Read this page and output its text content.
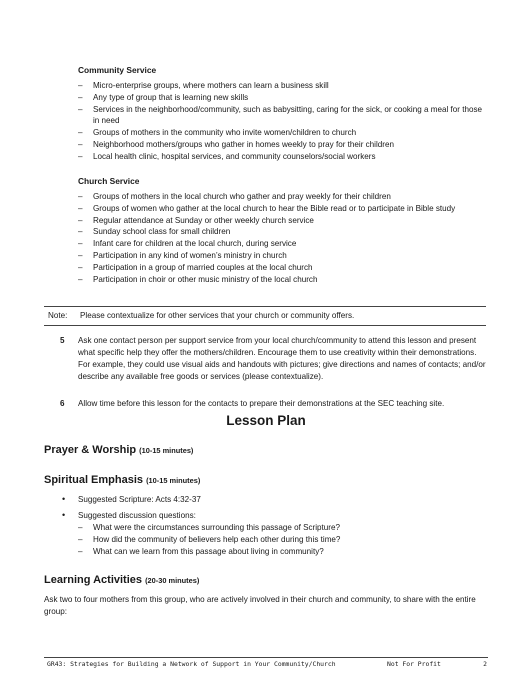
Community Service
– Micro-enterprise groups, where mothers can learn a business skill
– Any type of group that is learning new skills
– Services in the neighborhood/community, such as babysitting, caring for the sick, or cooking a meal for those in need
– Groups of mothers in the community who invite women/children to church
– Neighborhood mothers/groups who gather in homes weekly to pray for their children
– Local health clinic, hospital services, and community counselors/social workers
Church Service
– Groups of mothers in the local church who gather and pray weekly for their children
– Groups of women who gather at the local church to hear the Bible read or to participate in Bible study
– Regular attendance at Sunday or other weekly church service
– Sunday school class for small children
– Infant care for children at the local church, during service
– Participation in any kind of women’s ministry in church
– Participation in a group of married couples at the local church
– Participation in choir or other music ministry of the local church
Note:	Please contextualize for other services that your church or community offers.
5	Ask one contact person per support service from your local church/community to attend this lesson and present what specific help they offer the mothers/children. Encourage them to use creativity within their demonstrations. For example, they could use visual aids and handouts with pictures; give directions and names of contacts; and/or describe any available free goods or services (please contextualize).
6	Allow time before this lesson for the contacts to prepare their demonstrations at the SEC teaching site.
Lesson Plan
Prayer & Worship (10-15 minutes)
Spiritual Emphasis (10-15 minutes)
• Suggested Scripture: Acts 4:32-37
• Suggested discussion questions:
– What were the circumstances surrounding this passage of Scripture?
– How did the community of believers help each other during this time?
– What can we learn from this passage about living in community?
Learning Activities (20-30 minutes)
Ask two to four mothers from this group, who are actively involved in their church and community, to share with the entire group:
GR43: Strategies for Building a Network of Support in Your Community/Church	Not For Profit	2
